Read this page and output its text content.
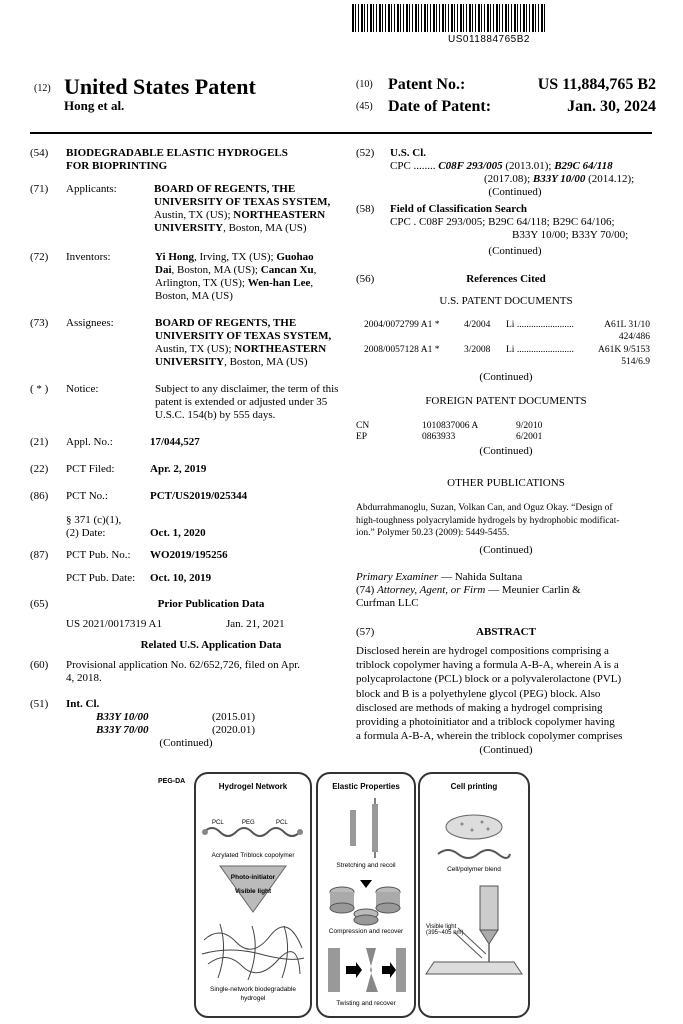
US011884765B2
(12) United States Patent
Hong et al.
(10) Patent No.:	US 11,884,765 B2
(45) Date of Patent:	Jan. 30, 2024
(54) BIODEGRADABLE ELASTIC HYDROGELS
FOR BIOPRINTING
(71) Applicants:	BOARD OF REGENTS, THE
UNIVERSITY OF TEXAS SYSTEM,
Austin, TX (US); NORTHEASTERN
UNIVERSITY, Boston, MA (US)
(72) Inventors:	Yi Hong, Irving, TX (US); Guohao
Dai, Boston, MA (US); Cancan Xu,
Arlington, TX (US); Wen-han Lee,
Boston, MA (US)
(73) Assignees:	BOARD OF REGENTS, THE
UNIVERSITY OF TEXAS SYSTEM,
Austin, TX (US); NORTHEASTERN
UNIVERSITY, Boston, MA (US)
( * ) Notice:	Subject to any disclaimer, the term of this
patent is extended or adjusted under 35
U.S.C. 154(b) by 555 days.
(21) Appl. No.:	17/044,527
(22) PCT Filed:	Apr. 2, 2019
(86) PCT No.:	PCT/US2019/025344
§ 371 (c)(1),
(2) Date:	Oct. 1, 2020
(87) PCT Pub. No.: WO2019/195256
PCT Pub. Date: Oct. 10, 2019
(65)	Prior Publication Data
US 2021/0017319 A1	Jan. 21, 2021
Related U.S. Application Data
(60) Provisional application No. 62/652,726, filed on Apr.
4, 2018.
(51) Int. Cl.
B33Y 10/00	(2015.01)
B33Y 70/00	(2020.01)
(Continued)
(52) U.S. Cl.
CPC ........ C08F 293/005 (2013.01); B29C 64/118
(2017.08); B33Y 10/00 (2014.12);
(Continued)
(58) Field of Classification Search
CPC . C08F 293/005; B29C 64/118; B29C 64/106;
B33Y 10/00; B33Y 70/00;
(Continued)
(56)	References Cited
U.S. PATENT DOCUMENTS
2004/0072799 A1 *	4/2004 Li ........................	A61L 31/10
424/486
2008/0057128 A1 *	3/2008 Li ........................	A61K 9/5153
514/6.9
(Continued)
FOREIGN PATENT DOCUMENTS
CN	1010837006 A	9/2010
EP	0863933	6/2001
(Continued)
OTHER PUBLICATIONS
Abdurrahmanoglu, Suzan, Volkan Can, and Oguz Okay. “Design of
high-toughness polyacrylamide hydrogels by hydrophobic modificat-
ion.” Polymer 50.23 (2009): 5449-5455.
(Continued)
Primary Examiner — Nahida Sultana
(74) Attorney, Agent, or Firm — Meunier Carlin &
Curfman LLC
(57)	ABSTRACT
Disclosed herein are hydrogel compositions comprising a
triblock copolymer having a formula A-B-A, wherein A is a
polycaprolactone (PCL) block or a polyvalerolactone (PVL)
block and B is a polyethylene glycol (PEG) block. Also
disclosed are methods of making a hydrogel comprising
providing a photoinitiator and a triblock copolymer having
a formula A-B-A, wherein the triblock copolymer comprises
(Continued)
PEG-DA
Hydrogel Network
PCL	PEG	PCL
Acrylated Triblock copolymer
Photo-initiator
Visible light
Single-network biodegradable
hydrogel
Elastic Properties
Stretching and recoil
Compression and recover
Twisting and recover
Cell printing
Cell/polymer blend
Visible light
(395~405 nm)
